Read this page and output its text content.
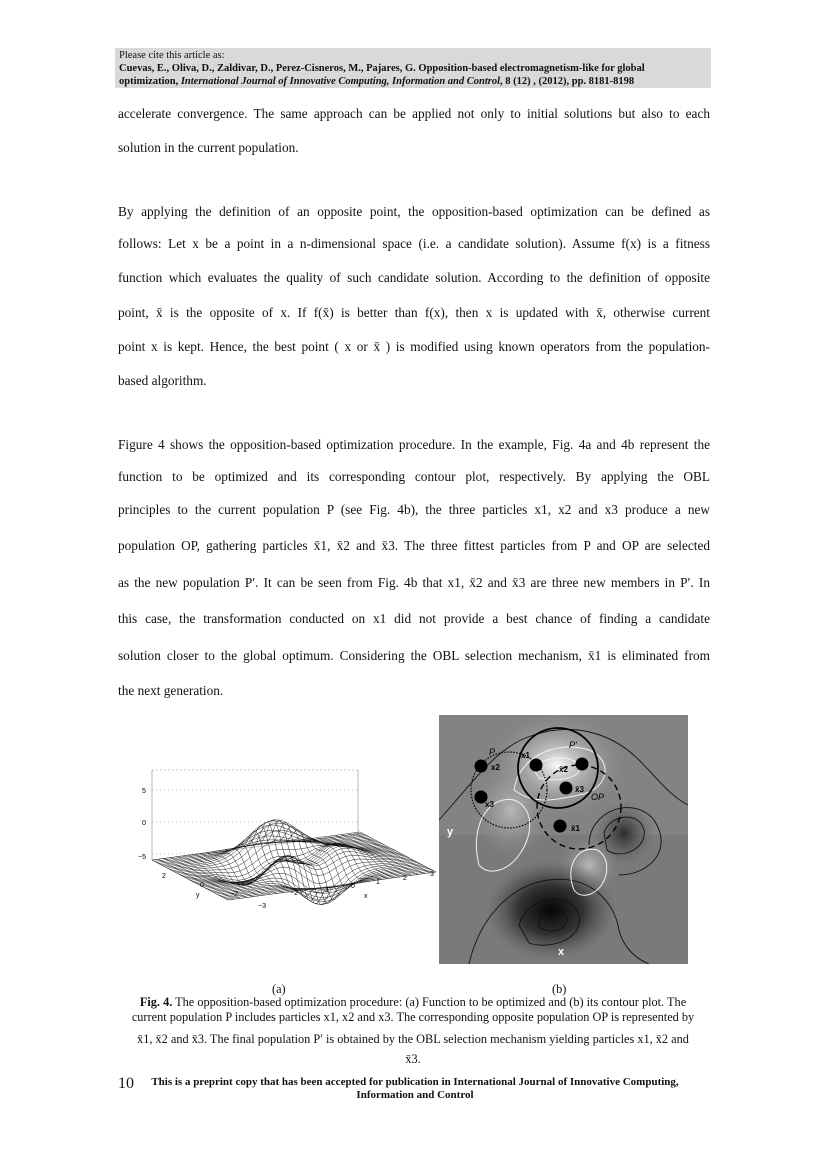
Please cite this article as:
Cuevas, E., Oliva, D., Zaldivar, D., Perez-Cisneros, M., Pajares, G. Opposition-based electromagnetism-like for global
optimization, International Journal of Innovative Computing, Information and Control, 8 (12) , (2012), pp. 8181-8198
accelerate convergence. The same approach can be applied not only to initial solutions but also to each
solution in the current population.
By applying the definition of an opposite point, the opposition-based optimization can be defined as
follows: Let x be a point in a n-dimensional space (i.e. a candidate solution). Assume f(x) is a fitness
function which evaluates the quality of such candidate solution. According to the definition of opposite
point, x̄ is the opposite of x. If f(x̄) is better than f(x), then x is updated with x̄, otherwise current
point x is kept. Hence, the best point ( x or x̄ ) is modified using known operators from the population-
based algorithm.
Figure 4 shows the opposition-based optimization procedure. In the example, Fig. 4a and 4b represent the
function to be optimized and its corresponding contour plot, respectively. By applying the OBL
principles to the current population P (see Fig. 4b), the three particles x1, x2 and x3 produce a new
population OP, gathering particles x̄1, x̄2 and x̄3. The three fittest particles from P and OP are selected
as the new population P′. It can be seen from Fig. 4b that x1, x̄2 and x̄3 are three new members in P′. In
this case, the transformation conducted on x1 did not provide a best chance of finding a candidate
solution closer to the global optimum. Considering the OBL selection mechanism, x̄1 is eliminated from
the next generation.
5
0
−5
2
0
−2
y
−3
−2	−1
0
1
2
3
x
P
P′
OP
x2
x3
x1
x̄2
x̄3
x̄1
y
x
(a)	(b)
Fig. 4. The opposition-based optimization procedure: (a) Function to be optimized and (b) its contour plot. The
current population P includes particles x1, x2 and x3. The corresponding opposite population OP is represented by
x̄1, x̄2 and x̄3. The final population P′ is obtained by the OBL selection mechanism yielding particles x1, x̄2 and
x̄3.
10	This is a preprint copy that has been accepted for publication in International Journal of Innovative Computing, Information and Control
